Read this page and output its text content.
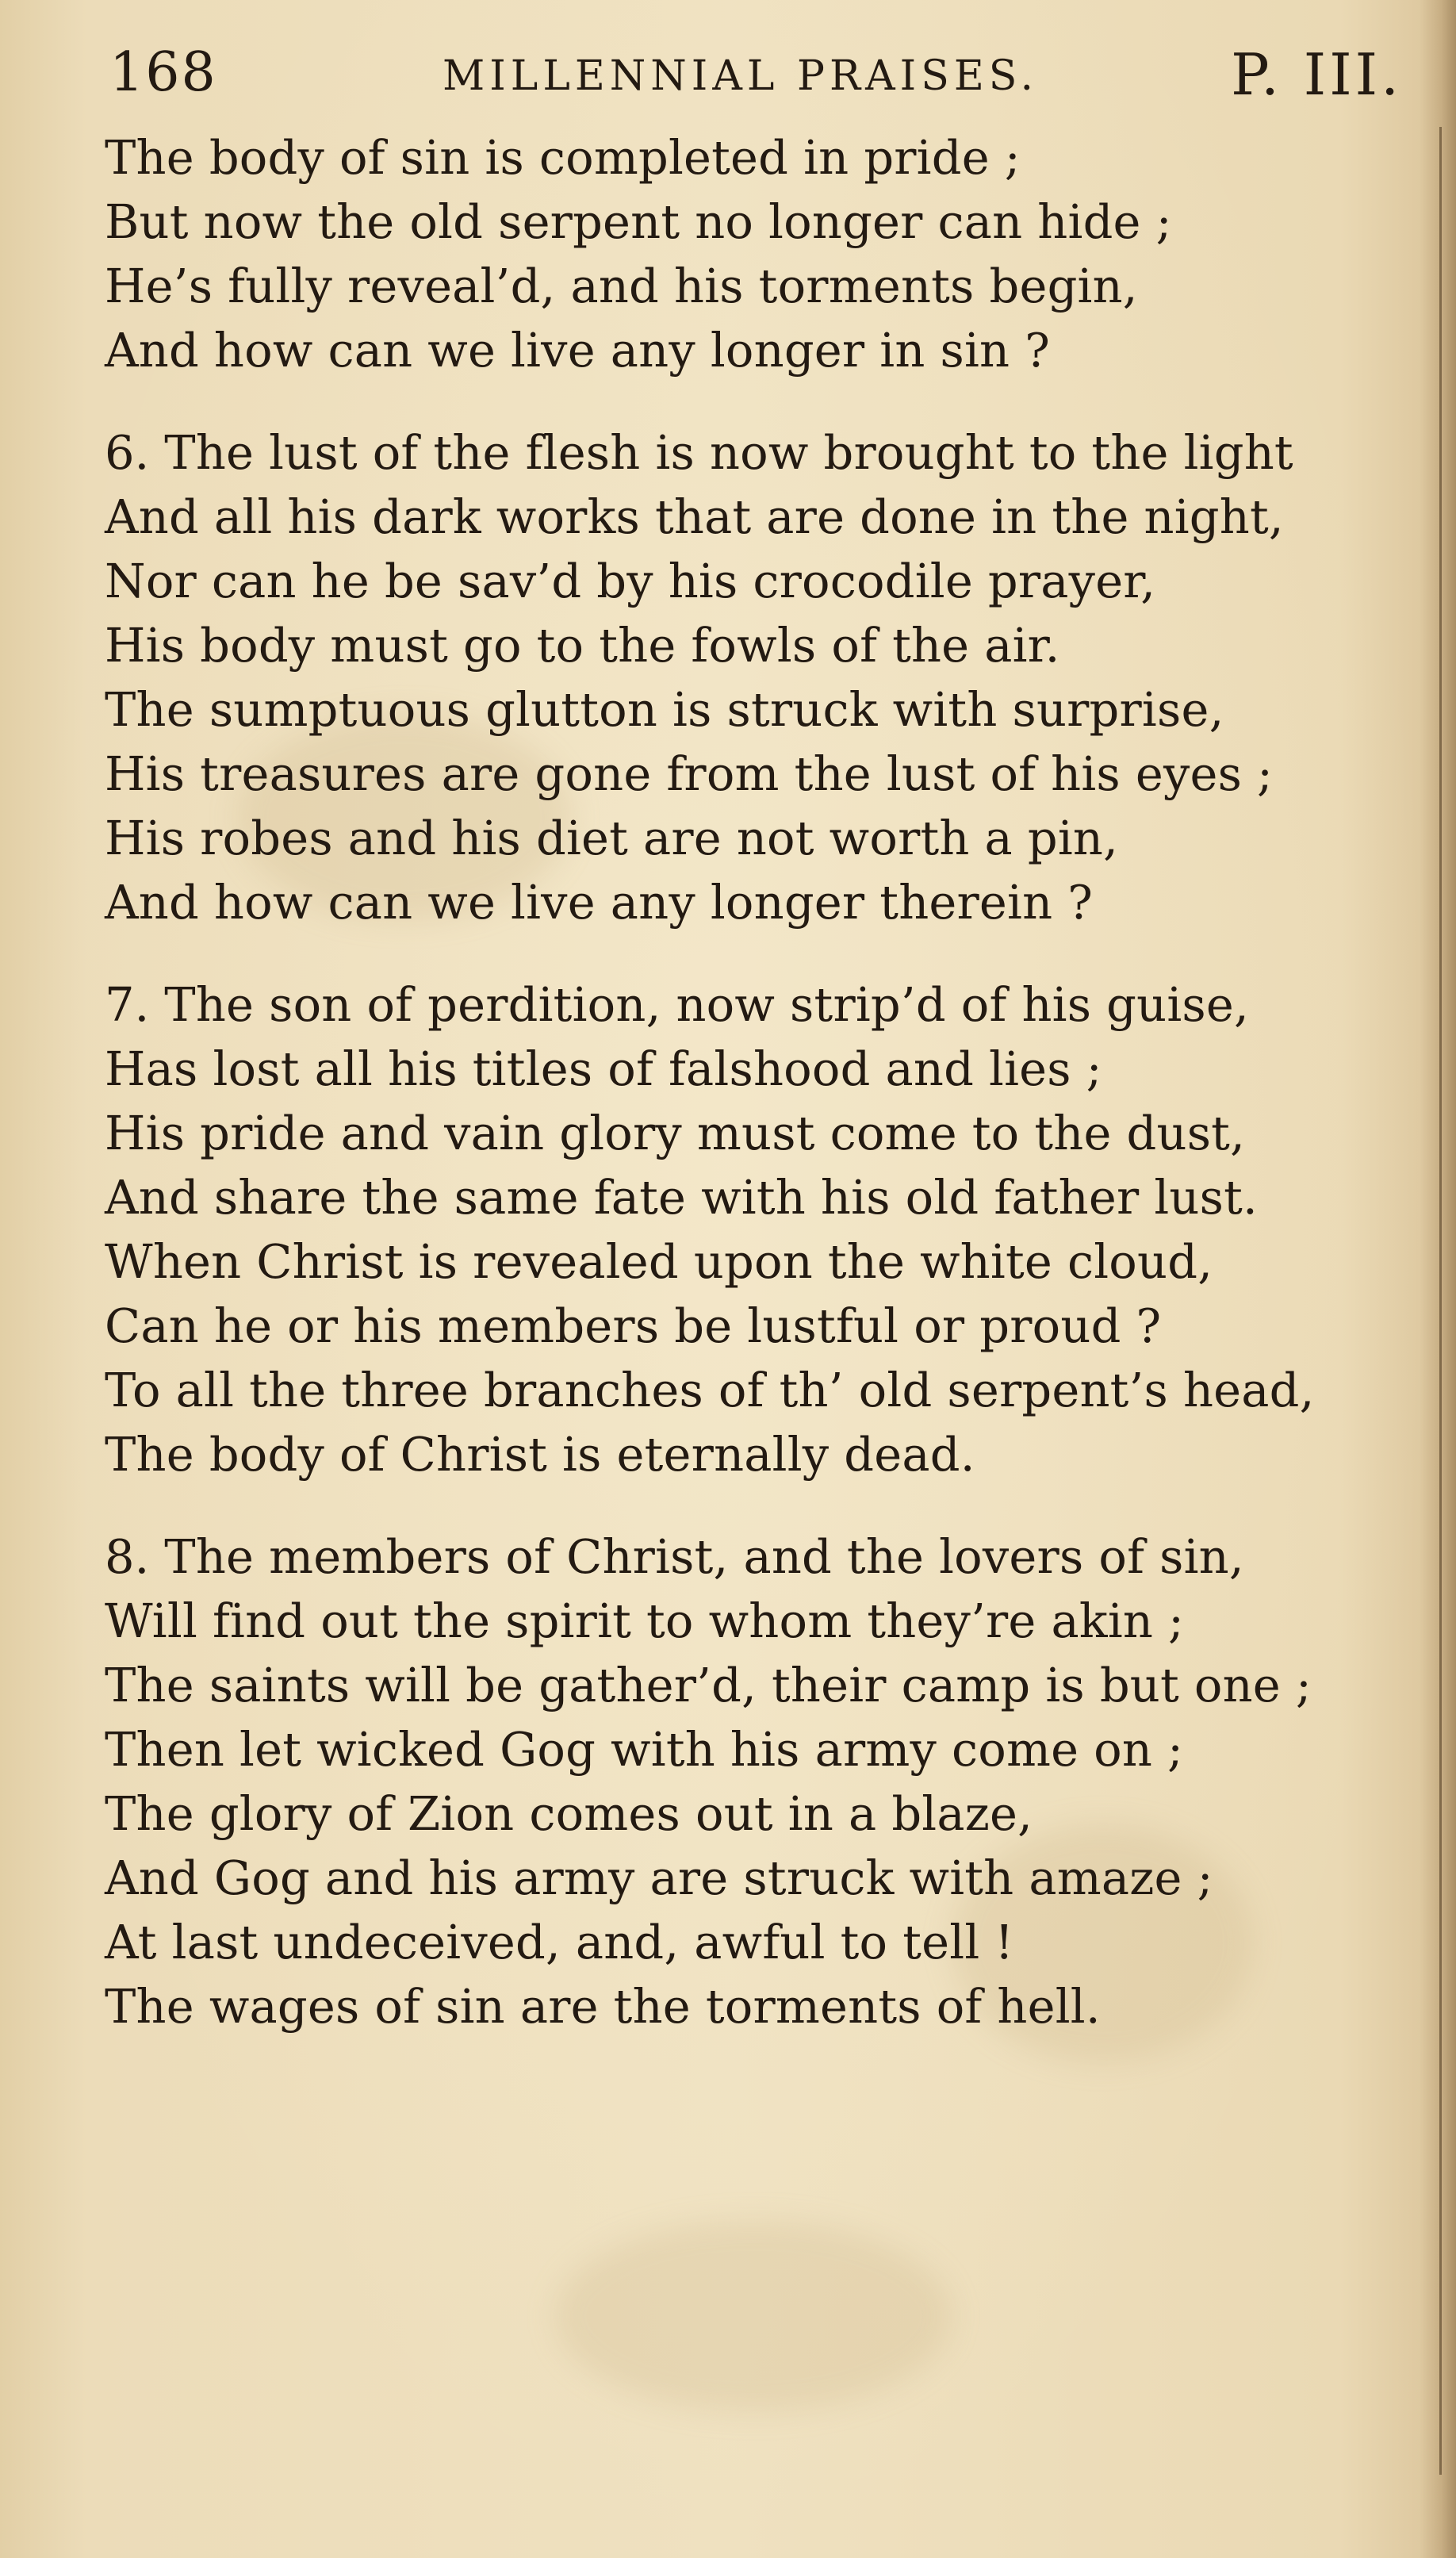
168	MILLENNIAL PRAISES.	P. III.

The body of sin is completed in pride ;
But now the old serpent no longer can hide ;
He’s fully reveal’d, and his torments begin,
And how can we live any longer in sin ?

6. The lust of the flesh is now brought to the light
And all his dark works that are done in the night,
Nor can he be sav’d by his crocodile prayer,
His body must go to the fowls of the air.
The sumptuous glutton is struck with surprise,
His treasures are gone from the lust of his eyes ;
His robes and his diet are not worth a pin,
And how can we live any longer therein ?

7. The son of perdition, now strip’d of his guise,
Has lost all his titles of falshood and lies ;
His pride and vain glory must come to the dust,
And share the same fate with his old father lust.
When Christ is revealed upon the white cloud,
Can he or his members be lustful or proud ?
To all the three branches of th’ old serpent’s head,
The body of Christ is eternally dead.

8. The members of Christ, and the lovers of sin,
Will find out the spirit to whom they’re akin ;
The saints will be gather’d, their camp is but one ;
Then let wicked Gog with his army come on ;
The glory of Zion comes out in a blaze,
And Gog and his army are struck with amaze ;
At last undeceived, and, awful to tell !
The wages of sin are the torments of hell.
